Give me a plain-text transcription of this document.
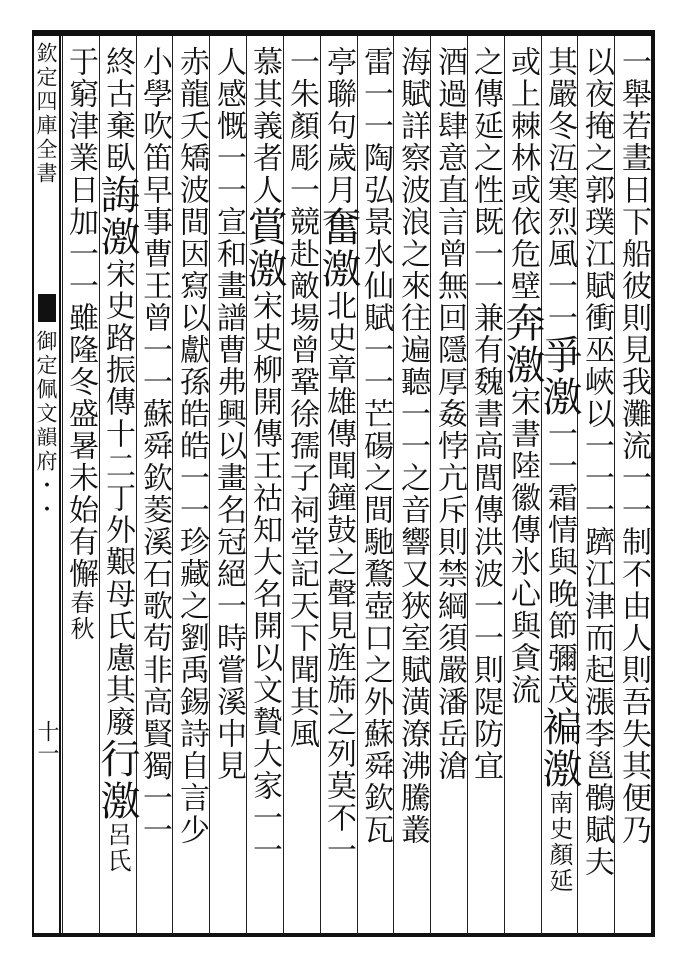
欽定四庫全書
御定佩文韻府・・
十一
一舉若晝日下船彼則見我灘流一一制不由人則吾失其便乃
以夜掩之郭璞江賦衝巫峽以一一一躋江津而起漲李邕鶻賦夫
其嚴冬沍寒烈風一一爭激一一霜情與晚節彌茂褊激南史顏延
或上棘林或依危壁奔激宋書陸徽傳氷心與貪流
之傳延之性既一一兼有魏書高閭傳洪波一一則隄防宜
酒過肆意直言曾無回隱厚姦悖亢斥則禁綱須嚴潘岳滄
海賦詳察波浪之來往遍聽一一之音響又狹室賦潢潦沸騰叢
雷一一陶弘景水仙賦一一芒碭之間馳鶩壺口之外蘇舜欽瓦
亭聯句歲月奮激北史章雄傳聞鐘鼓之聲見旌旆之列莫不一
一朱顏彫一競赴敵場曾鞏徐孺子祠堂記天下聞其風
慕其義者人賞激宋史柳開傳王祜知大名開以文贄大家一一
人感慨一一宣和畫譜曹弗興以畫名冠絕一時嘗溪中見
赤龍夭矯波間因寫以獻孫皓皓一一珍藏之劉禹錫詩自言少
小學吹笛早事曹王曾一一蘇舜欽菱溪石歌苟非高賢獨一一
終古棄臥誨激宋史路振傳十二丁外艱母氏慮其廢行激呂氏
于窮津業日加一一雖隆冬盛暑未始有懈春秋
